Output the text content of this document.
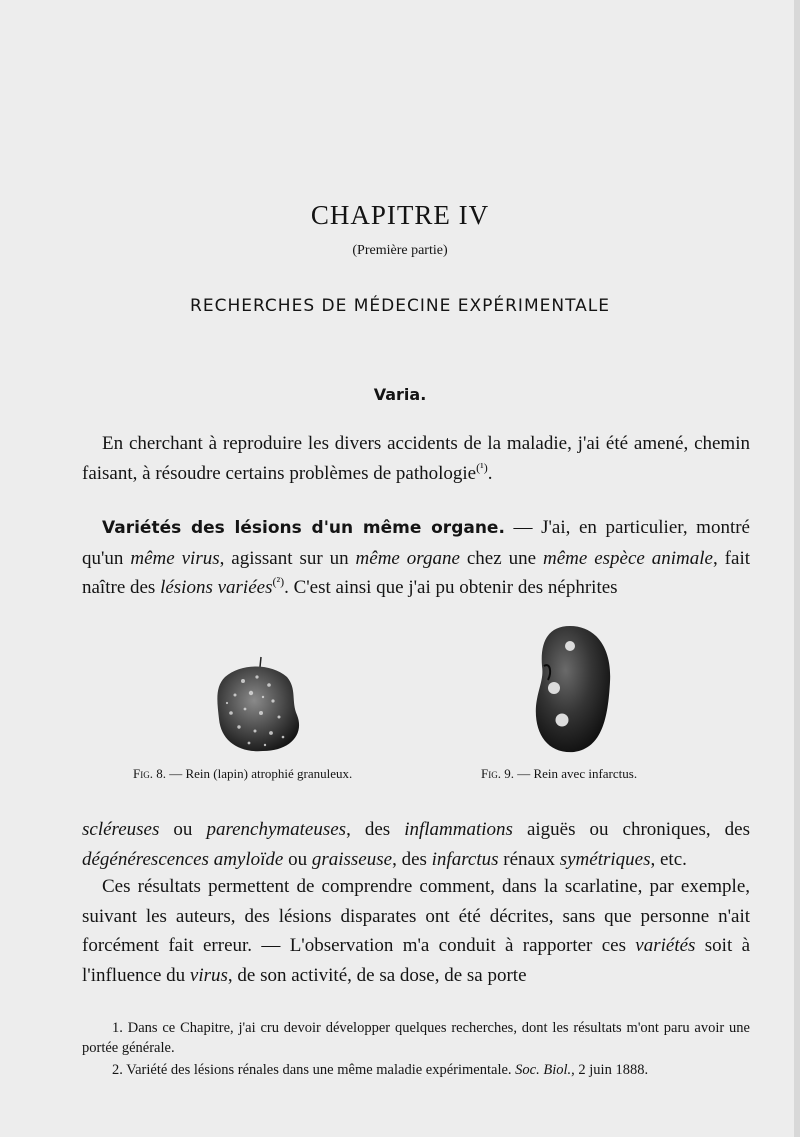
CHAPITRE IV
(Première partie)
RECHERCHES DE MÉDECINE EXPÉRIMENTALE
Varia.
En cherchant à reproduire les divers accidents de la maladie, j'ai été amené, chemin faisant, à résoudre certains problèmes de pathologie$^{(^1)}$.
Variétés des lésions d'un même organe. — J'ai, en particulier, montré qu'un même virus, agissant sur un même organe chez une même espèce animale, fait naître des lésions variées$^{(^2)}$. C'est ainsi que j'ai pu obtenir des néphrites
Fig. 8. — Rein (lapin) atrophié granuleux.	Fig. 9. — Rein avec infarctus.
scléreuses ou parenchymateuses, des inflammations aiguës ou chroniques, des dégénérescences amyloïde ou graisseuse, des infarctus rénaux symétriques, etc.
Ces résultats permettent de comprendre comment, dans la scarlatine, par exemple, suivant les auteurs, des lésions disparates ont été décrites, sans que personne n'ait forcément fait erreur. — L'observation m'a conduit à rapporter ces variétés soit à l'influence du virus, de son activité, de sa dose, de sa porte

1. Dans ce Chapitre, j'ai cru devoir développer quelques recherches, dont les résultats m'ont paru avoir une portée générale.

2. Variété des lésions rénales dans une même maladie expérimentale. Soc. Biol., 2 juin 1888.
